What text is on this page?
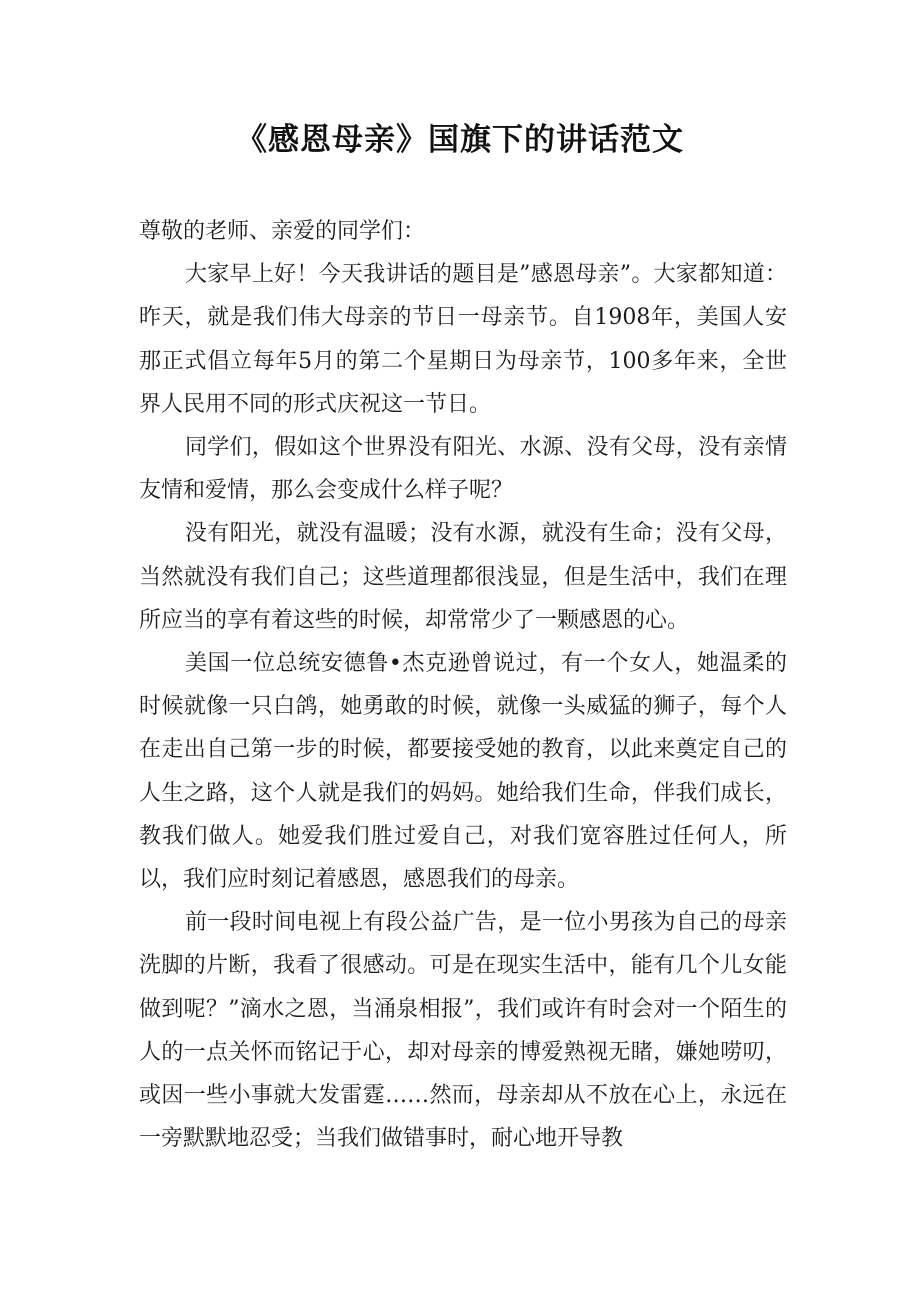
《感恩母亲》国旗下的讲话范文

尊敬的老师、亲爱的同学们：

大家早上好！今天我讲话的题目是”感恩母亲”。大家都知道：昨天，就是我们伟大母亲的节日一母亲节。自1908年，美国人安那正式倡立每年5月的第二个星期日为母亲节，100多年来，全世界人民用不同的形式庆祝这一节日。

同学们，假如这个世界没有阳光、水源、没有父母，没有亲情友情和爱情，那么会变成什么样子呢？

没有阳光，就没有温暖；没有水源，就没有生命；没有父母，当然就没有我们自己；这些道理都很浅显，但是生活中，我们在理所应当的享有着这些的时候，却常常少了一颗感恩的心。

美国一位总统安德鲁•杰克逊曾说过，有一个女人，她温柔的时候就像一只白鸽，她勇敢的时候，就像一头威猛的狮子，每个人在走出自己第一步的时候，都要接受她的教育，以此来奠定自己的人生之路，这个人就是我们的妈妈。她给我们生命，伴我们成长，教我们做人。她爱我们胜过爱自己，对我们宽容胜过任何人，所以，我们应时刻记着感恩，感恩我们的母亲。

前一段时间电视上有段公益广告，是一位小男孩为自己的母亲洗脚的片断，我看了很感动。可是在现实生活中，能有几个儿女能做到呢？”滴水之恩，当涌泉相报”，我们或许有时会对一个陌生的人的一点关怀而铭记于心，却对母亲的博爱熟视无睹，嫌她唠叨，或因一些小事就大发雷霆……然而，母亲却从不放在心上，永远在一旁默默地忍受；当我们做错事时，耐心地开导教
